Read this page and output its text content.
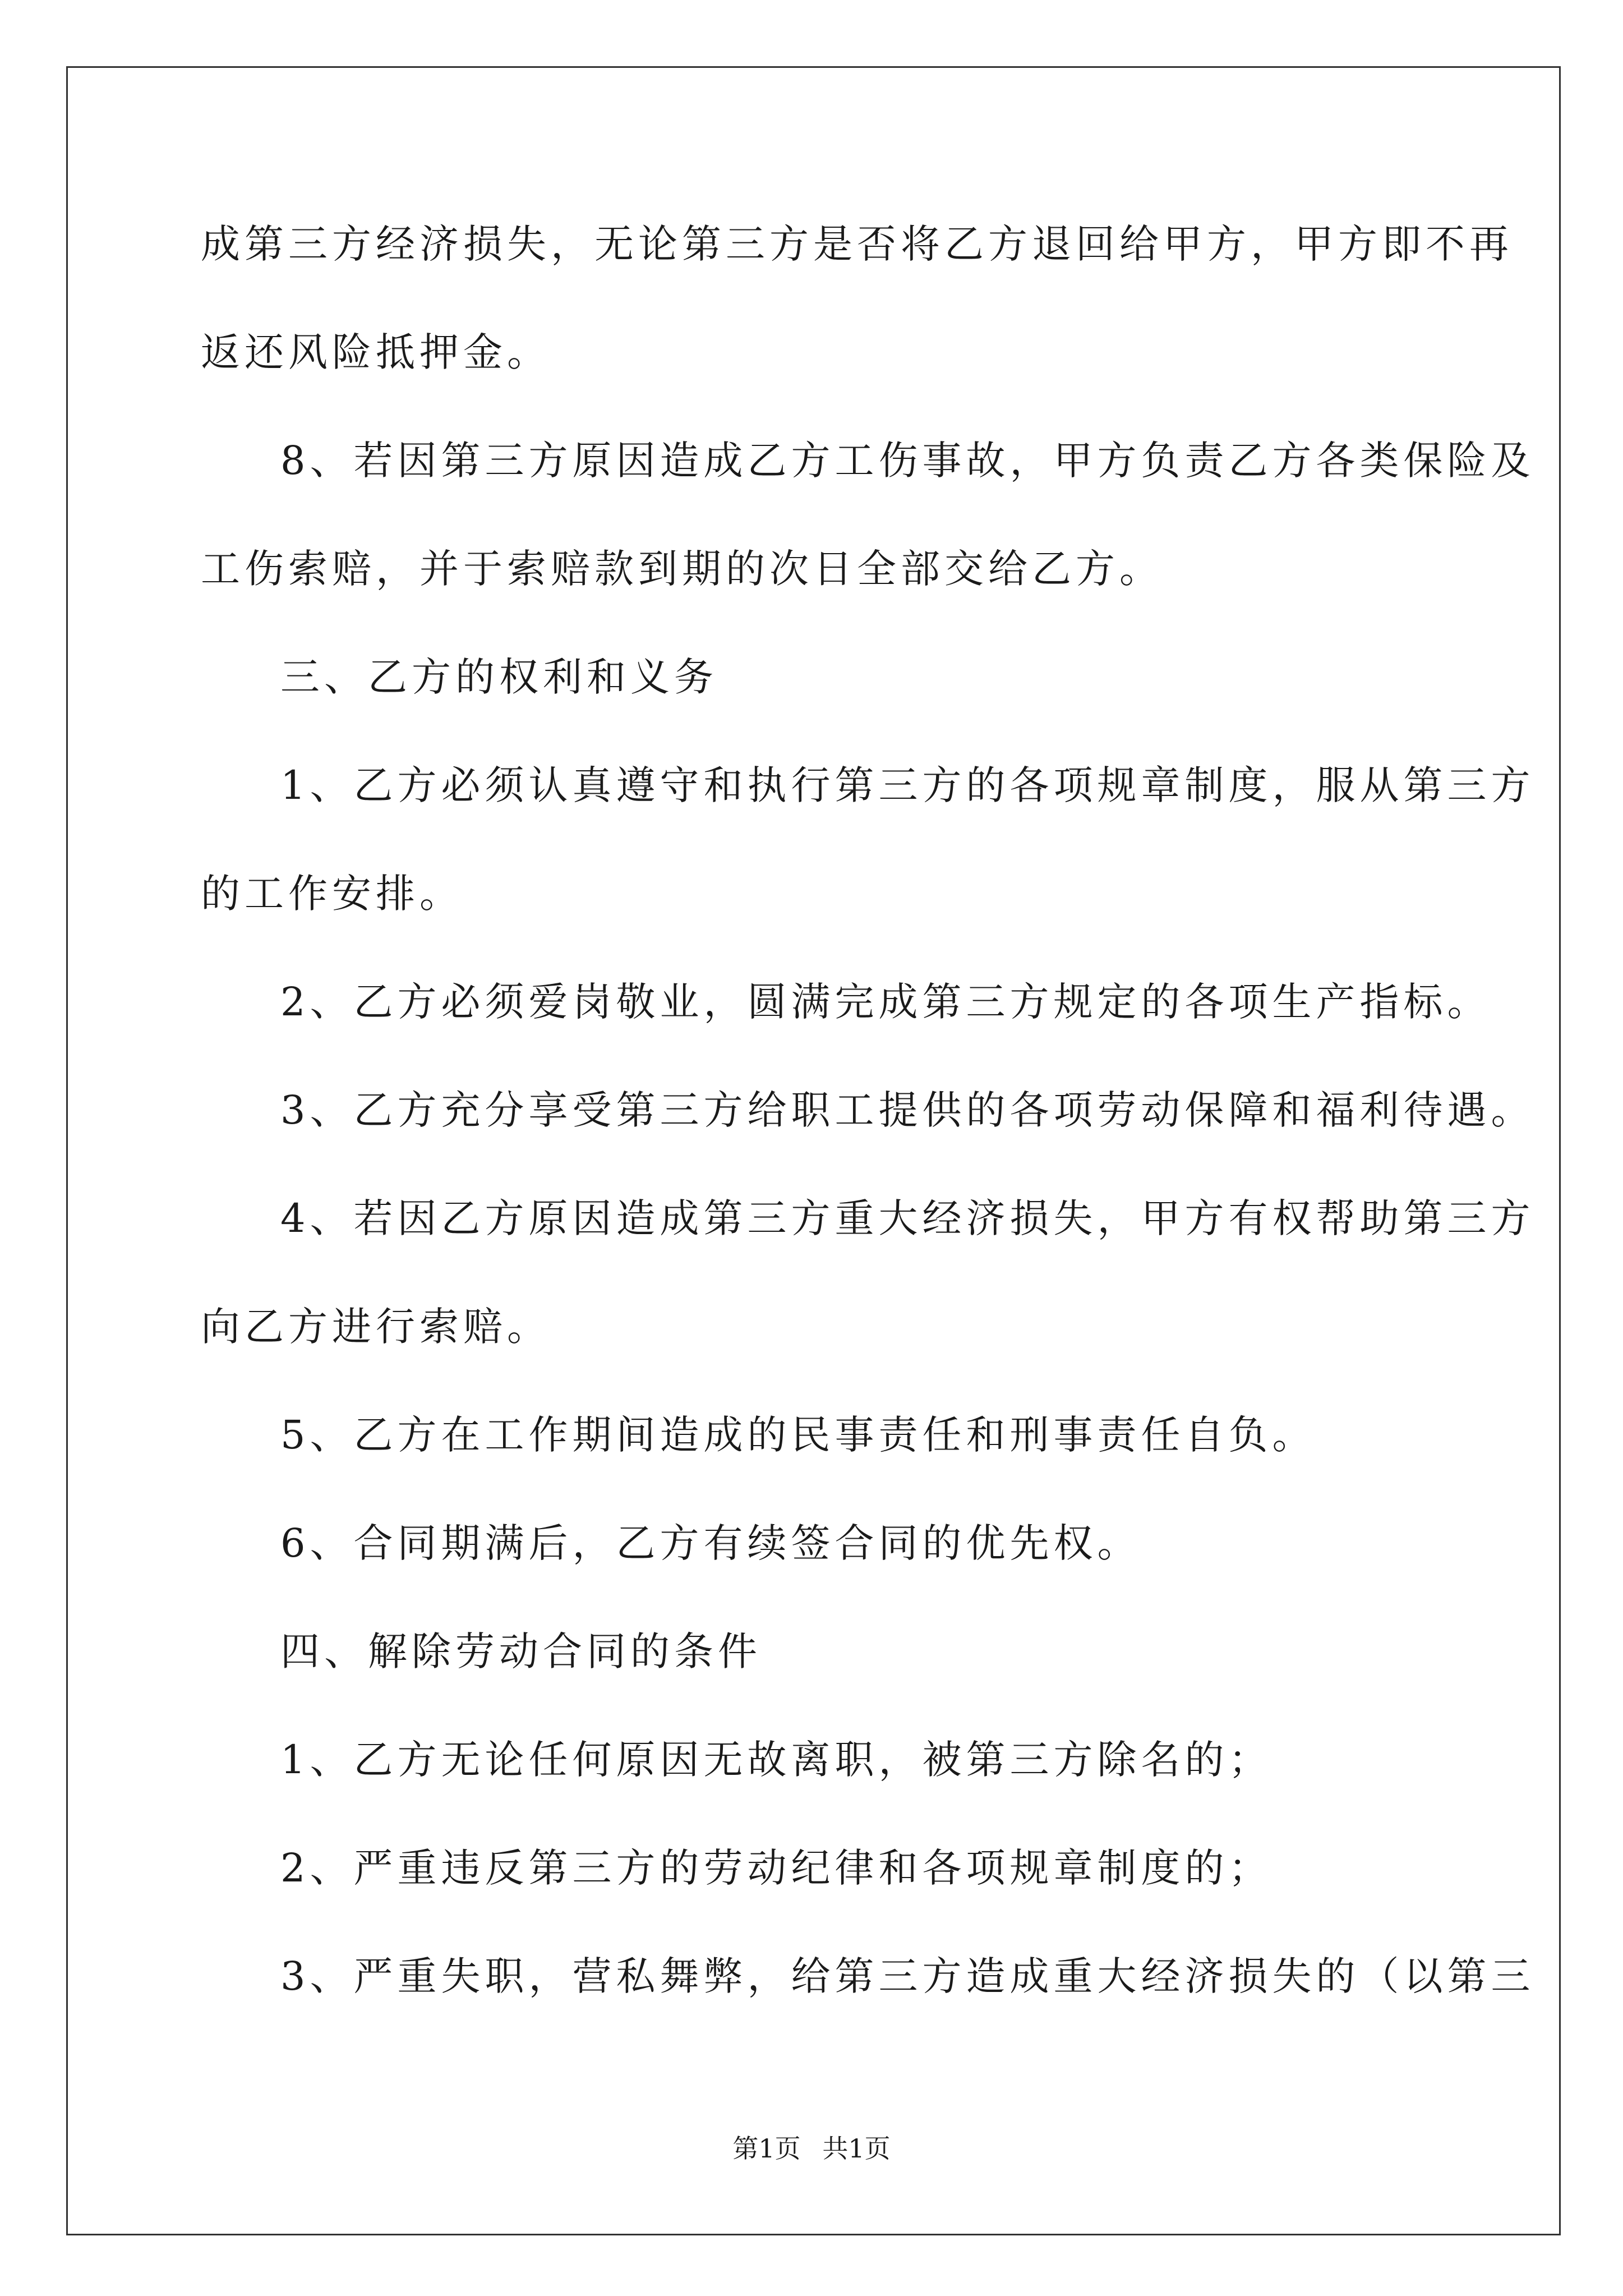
成第三方经济损失，无论第三方是否将乙方退回给甲方，甲方即不再
返还风险抵押金。
8、若因第三方原因造成乙方工伤事故，甲方负责乙方各类保险及
工伤索赔，并于索赔款到期的次日全部交给乙方。
三、乙方的权利和义务
1、乙方必须认真遵守和执行第三方的各项规章制度，服从第三方
的工作安排。
2、乙方必须爱岗敬业，圆满完成第三方规定的各项生产指标。
3、乙方充分享受第三方给职工提供的各项劳动保障和福利待遇。
4、若因乙方原因造成第三方重大经济损失，甲方有权帮助第三方
向乙方进行索赔。
5、乙方在工作期间造成的民事责任和刑事责任自负。
6、合同期满后，乙方有续签合同的优先权。
四、解除劳动合同的条件
1、乙方无论任何原因无故离职，被第三方除名的；
2、严重违反第三方的劳动纪律和各项规章制度的；
3、严重失职，营私舞弊，给第三方造成重大经济损失的（以第三
第1页 共1页
